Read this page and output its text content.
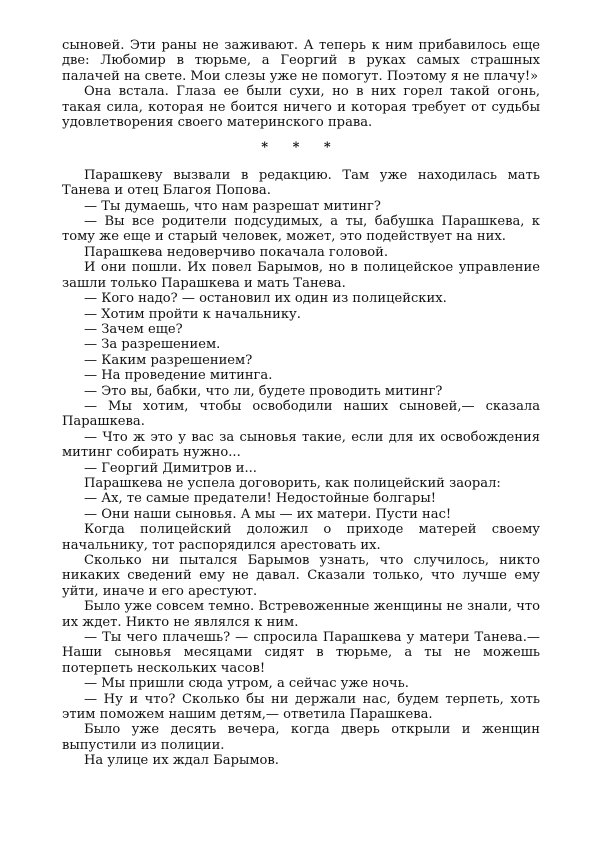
сыновей. Эти раны не заживают. А теперь к ним прибавилось еще две: Любомир в тюрьме, а Георгий в руках самых страшных палачей на свете. Мои слезы уже не помогут. Поэтому я не плачу!»

Она встала. Глаза ее были сухи, но в них горел такой огонь, такая сила, которая не боится ничего и которая требует от судьбы удовлетворения своего материнского права.

* * *

Парашкеву вызвали в редакцию. Там уже находилась мать Танева и отец Благоя Попова.

— Ты думаешь, что нам разрешат митинг?

— Вы все родители подсудимых, а ты, бабушка Парашкева, к тому же еще и старый человек, может, это подействует на них.

Парашкева недоверчиво покачала головой.

И они пошли. Их повел Барымов, но в полицейское управление зашли только Парашкева и мать Танева.

— Кого надо? — остановил их один из полицейских.

— Хотим пройти к начальнику.

— Зачем еще?

— За разрешением.

— Каким разрешением?

— На проведение митинга.

— Это вы, бабки, что ли, будете проводить митинг?

— Мы хотим, чтобы освободили наших сыновей,— сказала Парашкева.

— Что ж это у вас за сыновья такие, если для их освобождения митинг собирать нужно...

— Георгий Димитров и...

Парашкева не успела договорить, как полицейский заорал:

— Ах, те самые предатели! Недостойные болгары!

— Они наши сыновья. А мы — их матери. Пусти нас!

Когда полицейский доложил о приходе матерей своему начальнику, тот распорядился арестовать их.

Сколько ни пытался Барымов узнать, что случилось, никто никаких сведений ему не давал. Сказали только, что лучше ему уйти, иначе и его арестуют.

Было уже совсем темно. Встревоженные женщины не знали, что их ждет. Никто не являлся к ним.

— Ты чего плачешь? — спросила Парашкева у матери Танева.— Наши сыновья месяцами сидят в тюрьме, а ты не можешь потерпеть нескольких часов!

— Мы пришли сюда утром, а сейчас уже ночь.

— Ну и что? Сколько бы ни держали нас, будем терпеть, хоть этим поможем нашим детям,— ответила Парашкева.

Было уже десять вечера, когда дверь открыли и женщин выпустили из полиции.

На улице их ждал Барымов.
